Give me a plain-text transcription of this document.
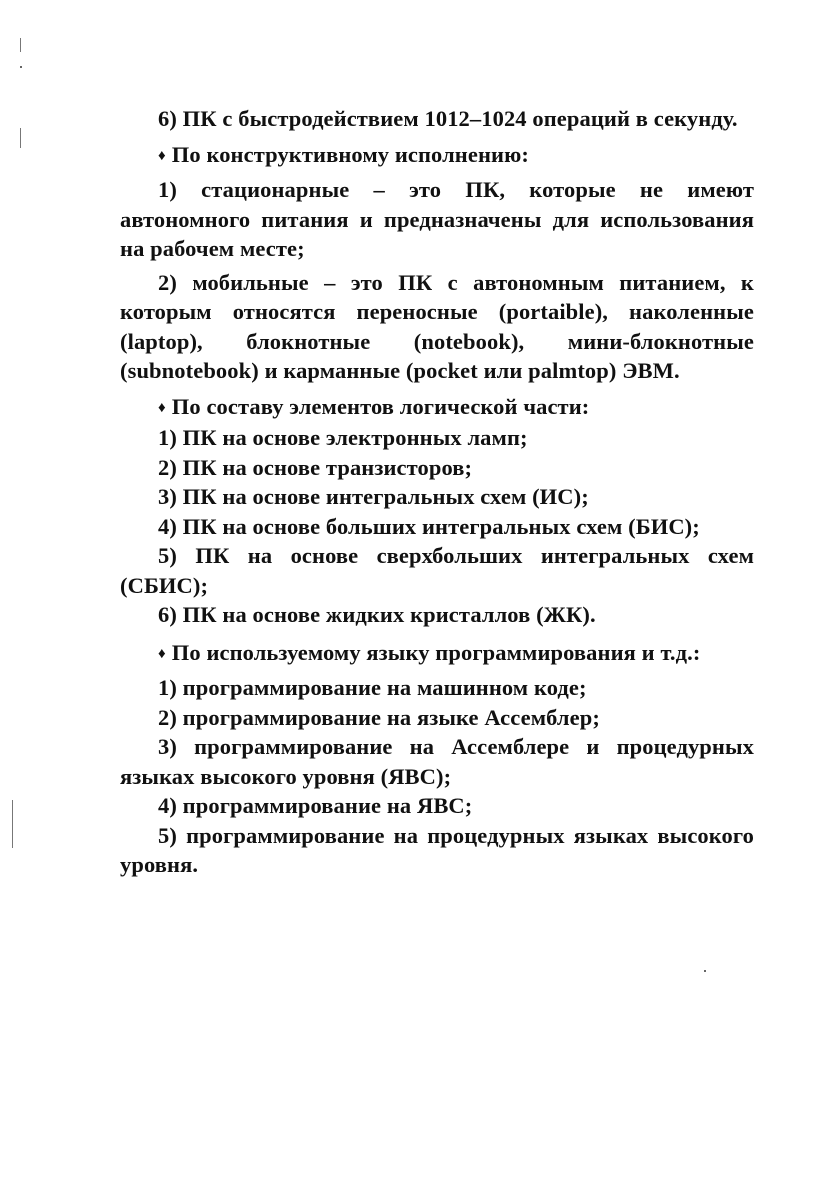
6) ПК с быстродействием 1012–1024 операций в секунду.

♦ По конструктивному исполнению:

1) стационарные – это ПК, которые не имеют автономного питания и предназначены для использования на рабочем месте;

2) мобильные – это ПК с автономным питанием, к которым относятся переносные (portaible), наколенные (laptop), блокнотные (notebook), мини-блокнотные (subnotebook) и карманные (pocket или palmtop) ЭВМ.

♦ По составу элементов логической части:

1) ПК на основе электронных ламп;

2) ПК на основе транзисторов;

3) ПК на основе интегральных схем (ИС);

4) ПК на основе больших интегральных схем (БИС);

5) ПК на основе сверхбольших интегральных схем (СБИС);

6) ПК на основе жидких кристаллов (ЖК).

♦ По используемому языку программирования и т.д.:

1) программирование на машинном коде;

2) программирование на языке Ассемблер;

3) программирование на Ассемблере и процедурных языках высокого уровня (ЯВС);

4) программирование на ЯВС;

5) программирование на процедурных языках высокого уровня.
